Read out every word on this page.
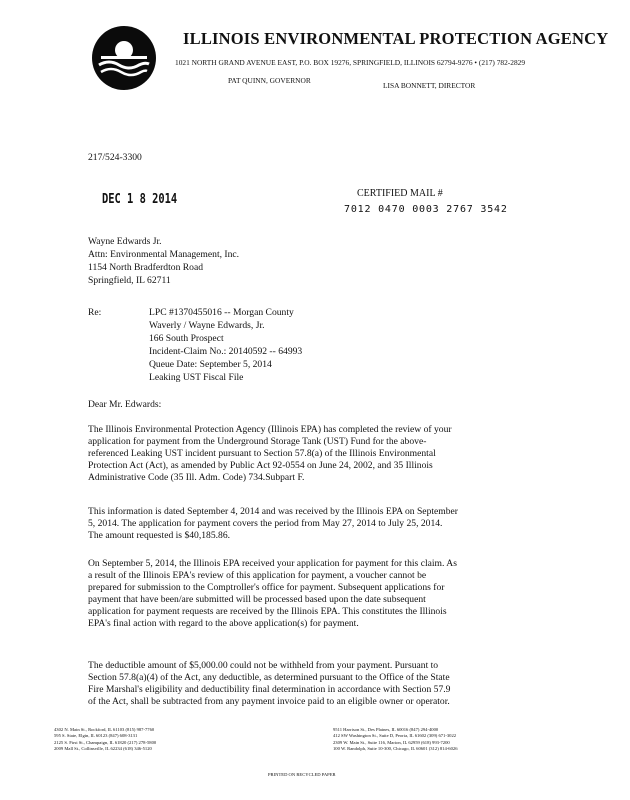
ILLINOIS ENVIRONMENTAL PROTECTION AGENCY
1021 NORTH GRAND AVENUE EAST, P.O. BOX 19276, SPRINGFIELD, ILLINOIS 62794-9276 • (217) 782-2829
PAT QUINN, GOVERNOR
LISA BONNETT, DIRECTOR
217/524-3300
DEC 1 8 2014	CERTIFIED MAIL #
7012 0470 0003 2767 3542
Wayne Edwards Jr.
Attn: Environmental Management, Inc.
1154 North Bradferdton Road
Springfield, IL 62711
Re:	LPC #1370455016 -- Morgan County
Waverly / Wayne Edwards, Jr.
166 South Prospect
Incident-Claim No.: 20140592 -- 64993
Queue Date: September 5, 2014
Leaking UST Fiscal File
Dear Mr. Edwards:
The Illinois Environmental Protection Agency (Illinois EPA) has completed the review of your
application for payment from the Underground Storage Tank (UST) Fund for the above-
referenced Leaking UST incident pursuant to Section 57.8(a) of the Illinois Environmental
Protection Act (Act), as amended by Public Act 92-0554 on June 24, 2002, and 35 Illinois
Administrative Code (35 Ill. Adm. Code) 734.Subpart F.
This information is dated September 4, 2014 and was received by the Illinois EPA on September
5, 2014. The application for payment covers the period from May 27, 2014 to July 25, 2014.
The amount requested is $40,185.86.
On September 5, 2014, the Illinois EPA received your application for payment for this claim. As
a result of the Illinois EPA's review of this application for payment, a voucher cannot be
prepared for submission to the Comptroller's office for payment. Subsequent applications for
payment that have been/are submitted will be processed based upon the date subsequent
application for payment requests are received by the Illinois EPA. This constitutes the Illinois
EPA's final action with regard to the above application(s) for payment.
The deductible amount of $5,000.00 could not be withheld from your payment. Pursuant to
Section 57.8(a)(4) of the Act, any deductible, as determined pursuant to the Office of the State
Fire Marshal's eligibility and deductibility final determination in accordance with Section 57.9
of the Act, shall be subtracted from any payment invoice paid to an eligible owner or operator.
4302 N. Main St., Rockford, IL 61103 (815) 987-7760
595 S. State, Elgin, IL 60123 (847) 608-3131
2125 S. First St., Champaign, IL 61820 (217) 278-5800
2009 Mall St., Collinsville, IL 62234 (618) 346-5120
9511 Harrison St., Des Plaines, IL 60016 (847) 294-4000
412 SW Washington St., Suite D, Peoria, IL 61602 (309) 671-3022
2309 W. Main St., Suite 116, Marion, IL 62959 (618) 993-7200
100 W. Randolph, Suite 10-300, Chicago, IL 60601 (312) 814-6026
PRINTED ON RECYCLED PAPER
